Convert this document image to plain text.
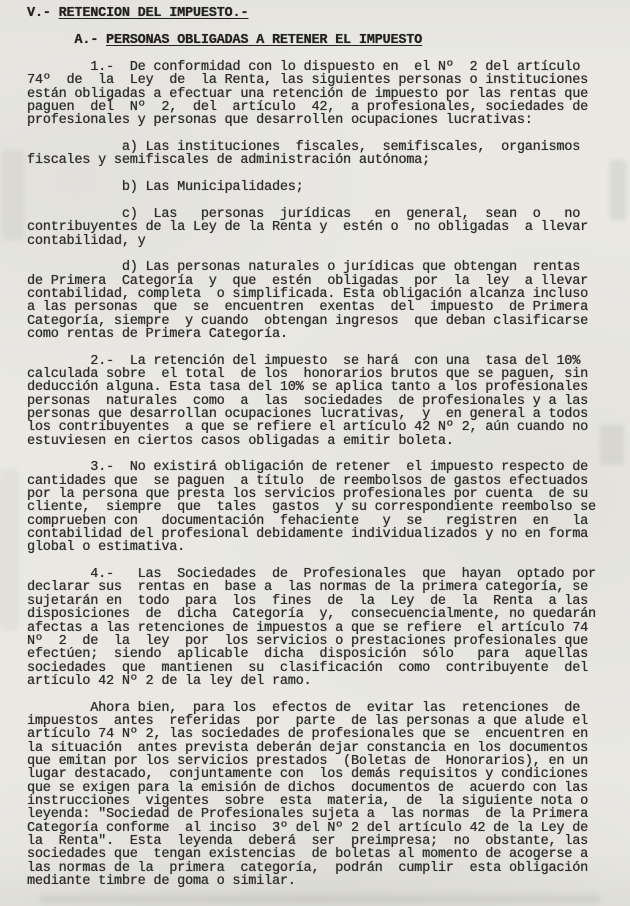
V.- RETENCION DEL IMPUESTO.-
A.- PERSONAS OBLIGADAS A RETENER EL IMPUESTO
1.-  De conformidad con lo dispuesto en  el Nº  2 del artículo
74º  de  la  Ley  de  la Renta, las siguientes personas o instituciones
están obligadas a efectuar una retención de impuesto por las rentas que
paguen  del  Nº  2,  del  artículo  42,  a profesionales, sociedades de
profesionales y personas que desarrollen ocupaciones lucrativas:
a) Las instituciones  fiscales,  semifiscales,  organismos
fiscales y semifiscales de administración autónoma;
b) Las Municipalidades;
c)  Las   personas  jurídicas   en  general,  sean  o   no
contribuyentes de la Ley de la Renta y  estén o  no obligadas  a llevar
contabilidad, y
d) Las personas naturales o jurídicas que obtengan  rentas
de Primera  Categoría  y  que  estén  obligadas  por  la  ley  a llevar
contabilidad, completa  o simplificada. Esta obligación alcanza incluso
a las personas  que  se  encuentren  exentas  del  impuesto  de Primera
Categoría, siempre  y cuando  obtengan ingresos  que deban clasificarse
como rentas de Primera Categoría.
2.-  La retención del impuesto  se hará  con una  tasa del 10%
calculada sobre  el total  de los  honorarios brutos que se paguen, sin
deducción alguna. Esta tasa del 10% se aplica tanto a los profesionales
personas  naturales  como  a  las  sociedades  de profesionales y a las
personas que desarrollan ocupaciones lucrativas,  y  en general a todos
los contribuyentes  a que se refiere el artículo 42 Nº 2, aún cuando no
estuviesen en ciertos casos obligadas a emitir boleta.
3.-  No existirá obligación de retener  el impuesto respecto de
cantidades que  se paguen  a título  de reembolsos de gastos efectuados
por la persona que presta los servicios profesionales por cuenta  de su
cliente,  siempre  que  tales  gastos  y su correspondiente reembolso se
comprueben con   documentación  fehaciente   y  se   registren  en   la
contabilidad del profesional debidamente individualizados y no en forma
global o estimativa.
4.-   Las  Sociedades  de  Profesionales  que  hayan  optado por
declarar sus  rentas en  base a  las normas de la primera categoría, se
sujetarán en  todo  para  los  fines  de  la  Ley  de  la  Renta  a las
disposiciones  de  dicha  Categoría  y,  consecuencialmente, no quedarán
afectas a las retenciones de impuestos a que se refiere  el artículo 74
Nº  2  de  la  ley  por  los servicios o prestaciones profesionales que
efectúen;  siendo  aplicable  dicha  disposición  sólo   para  aquellas
sociedades  que  mantienen  su  clasificación  como  contribuyente  del
artículo 42 Nº 2 de la ley del ramo.
Ahora bien,  para los  efectos de  evitar las  retenciones  de
impuestos  antes  referidas  por  parte  de las personas a que alude el
artículo 74 Nº 2, las sociedades de profesionales que se  encuentren en
la situación  antes prevista deberán dejar constancia en los documentos
que emitan por los servicios prestados  (Boletas de  Honorarios), en un
lugar destacado,  conjuntamente con  los demás requisitos y condiciones
que se exigen para la emisión de dichos  documentos de  acuerdo con las
instrucciones  vigentes  sobre  esta  materia,  de  la siguiente nota o
leyenda: "Sociedad de Profesionales sujeta a  las normas  de la Primera
Categoría conforme  al inciso  3º del Nº 2 del artículo 42 de la Ley de
la  Renta".  Esta  leyenda  deberá  ser  preimpresa;  no  obstante, las
sociedades que  tengan existencias  de boletas al momento de acogerse a
las normas de la  primera  categoría,  podrán  cumplir  esta obligación
mediante timbre de goma o similar.
